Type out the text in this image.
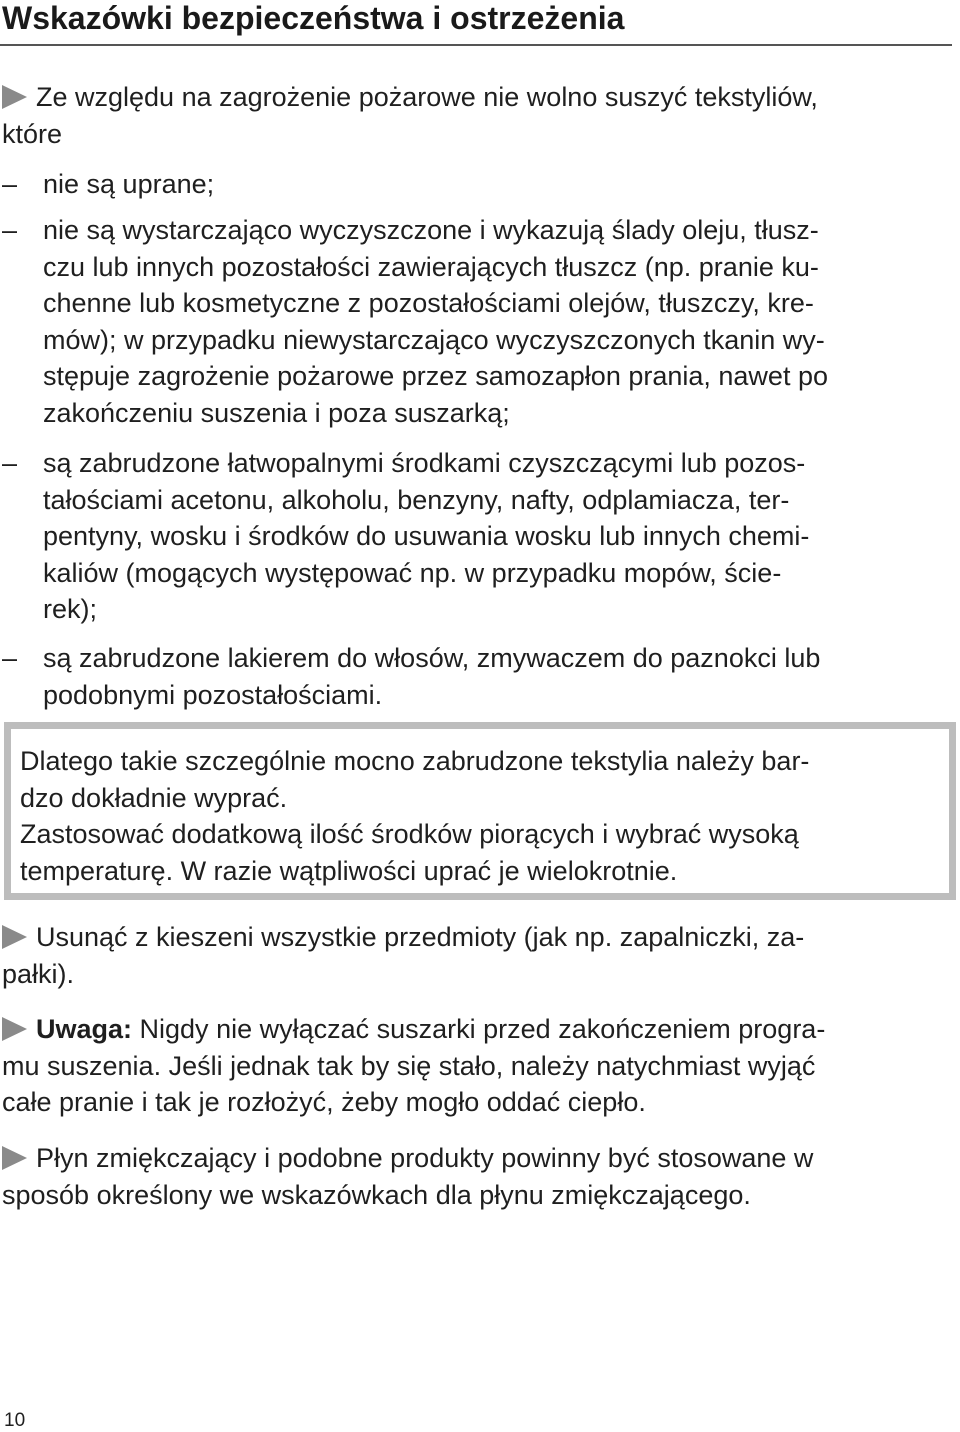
Wskazówki bezpieczeństwa i ostrzeżenia
Ze względu na zagrożenie pożarowe nie wolno suszyć tekstyliów,
które
– nie są uprane;
– nie są wystarczająco wyczyszczone i wykazują ślady oleju, tłusz-
czu lub innych pozostałości zawierających tłuszcz (np. pranie ku-
chenne lub kosmetyczne z pozostałościami olejów, tłuszczy, kre-
mów); w przypadku niewystarczająco wyczyszczonych tkanin wy-
stępuje zagrożenie pożarowe przez samozapłon prania, nawet po
zakończeniu suszenia i poza suszarką;
– są zabrudzone łatwopalnymi środkami czyszczącymi lub pozos-
tałościami acetonu, alkoholu, benzyny, nafty, odplamiacza, ter-
pentyny, wosku i środków do usuwania wosku lub innych chemi-
kaliów (mogących występować np. w przypadku mopów, ście-
rek);
– są zabrudzone lakierem do włosów, zmywaczem do paznokci lub
podobnymi pozostałościami.
Dlatego takie szczególnie mocno zabrudzone tekstylia należy bar-
dzo dokładnie wyprać.
Zastosować dodatkową ilość środków piorących i wybrać wysoką
temperaturę. W razie wątpliwości uprać je wielokrotnie.
Usunąć z kieszeni wszystkie przedmioty (jak np. zapalniczki, za-
pałki).
Uwaga: Nigdy nie wyłączać suszarki przed zakończeniem progra-
mu suszenia. Jeśli jednak tak by się stało, należy natychmiast wyjąć
całe pranie i tak je rozłożyć, żeby mogło oddać ciepło.
Płyn zmiękczający i podobne produkty powinny być stosowane w
sposób określony we wskazówkach dla płynu zmiękczającego.
10
